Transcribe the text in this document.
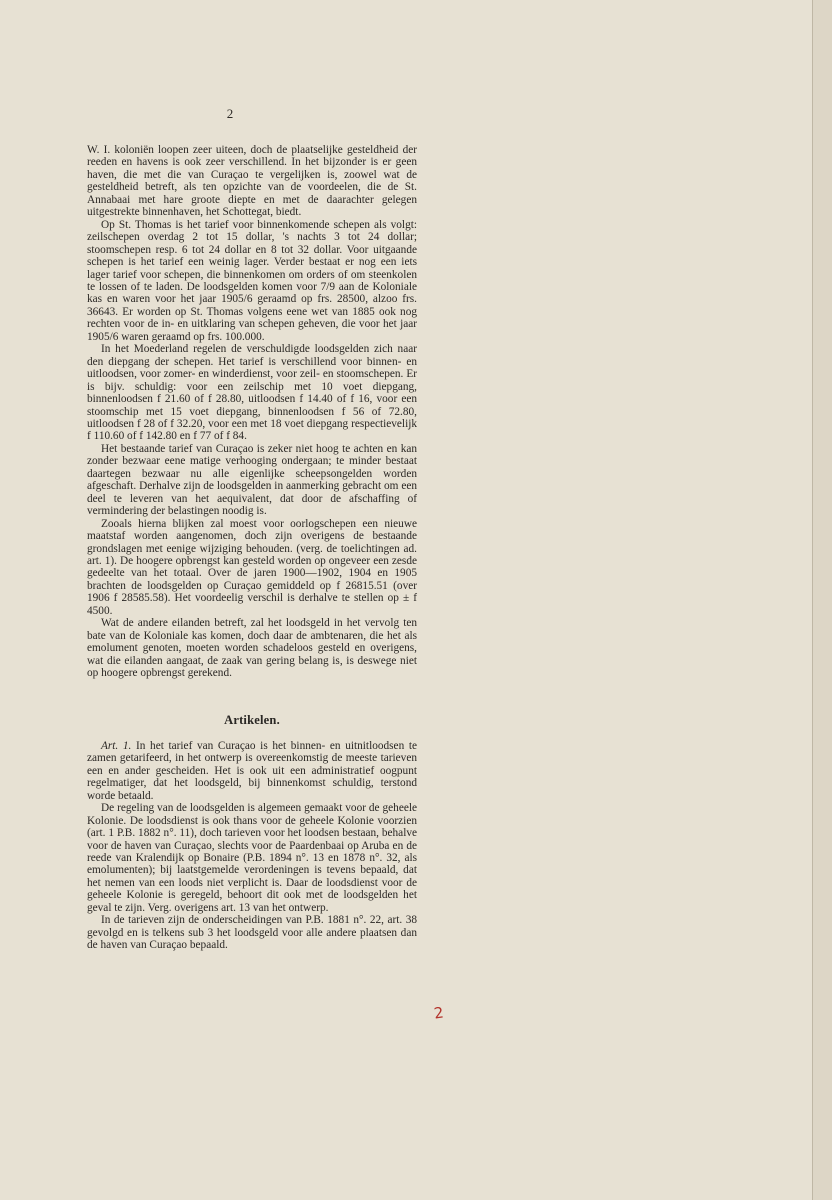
2

W. I. koloniën loopen zeer uiteen, doch de plaatselijke gesteldheid der reeden en havens is ook zeer verschillend. In het bijzonder is er geen haven, die met die van Curaçao te vergelijken is, zoowel wat de gesteldheid betreft, als ten opzichte van de voordeelen, die de St. Annabaai met hare groote diepte en met de daarachter gelegen uitgestrekte binnenhaven, het Schottegat, biedt.

Op St. Thomas is het tarief voor binnenkomende schepen als volgt: zeilschepen overdag 2 tot 15 dollar, 's nachts 3 tot 24 dollar; stoomschepen resp. 6 tot 24 dollar en 8 tot 32 dollar. Voor uitgaande schepen is het tarief een weinig lager. Verder bestaat er nog een iets lager tarief voor schepen, die binnenkomen om orders of om steenkolen te lossen of te laden. De loodsgelden komen voor 7/9 aan de Koloniale kas en waren voor het jaar 1905/6 geraamd op frs. 28500, alzoo frs. 36643. Er worden op St. Thomas volgens eene wet van 1885 ook nog rechten voor de in- en uitklaring van schepen geheven, die voor het jaar 1905/6 waren geraamd op frs. 100.000.

In het Moederland regelen de verschuldigde loodsgelden zich naar den diepgang der schepen. Het tarief is verschillend voor binnen- en uitloodsen, voor zomer- en winderdienst, voor zeil- en stoomschepen. Er is bijv. schuldig: voor een zeilschip met 10 voet diepgang, binnenloodsen f 21.60 of f 28.80, uitloodsen f 14.40 of f 16, voor een stoomschip met 15 voet diepgang, binnenloodsen f 56 of 72.80, uitloodsen f 28 of f 32.20, voor een met 18 voet diepgang respectievelijk f 110.60 of f 142.80 en f 77 of f 84.

Het bestaande tarief van Curaçao is zeker niet hoog te achten en kan zonder bezwaar eene matige verhooging ondergaan; te minder bestaat daartegen bezwaar nu alle eigenlijke scheepsongelden worden afgeschaft. Derhalve zijn de loodsgelden in aanmerking gebracht om een deel te leveren van het aequivalent, dat door de afschaffing of vermindering der belastingen noodig is.

Zooals hierna blijken zal moest voor oorlogschepen een nieuwe maatstaf worden aangenomen, doch zijn overigens de bestaande grondslagen met eenige wijziging behouden. (verg. de toelichtingen ad. art. 1). De hoogere opbrengst kan gesteld worden op ongeveer een zesde gedeelte van het totaal. Over de jaren 1900—1902, 1904 en 1905 brachten de loodsgelden op Curaçao gemiddeld op f 26815.51 (over 1906 f 28585.58). Het voordeelig verschil is derhalve te stellen op ± f 4500.

Wat de andere eilanden betreft, zal het loodsgeld in het vervolg ten bate van de Koloniale kas komen, doch daar de ambtenaren, die het als emolument genoten, moeten worden schadeloos gesteld en overigens, wat die eilanden aangaat, de zaak van gering belang is, is deswege niet op hoogere opbrengst gerekend.

Artikelen.

Art. 1. In het tarief van Curaçao is het binnen- en uitnitloodsen te zamen getarifeerd, in het ontwerp is overeenkomstig de meeste tarieven een en ander gescheiden. Het is ook uit een administratief oogpunt regelmatiger, dat het loodsgeld, bij binnenkomst schuldig, terstond worde betaald.

De regeling van de loodsgelden is algemeen gemaakt voor de geheele Kolonie. De loodsdienst is ook thans voor de geheele Kolonie voorzien (art. 1 P.B. 1882 n°. 11), doch tarieven voor het loodsen bestaan, behalve voor de haven van Curaçao, slechts voor de Paardenbaai op Aruba en de reede van Kralendijk op Bonaire (P.B. 1894 n°. 13 en 1878 n°. 32, als emolumenten); bij laatstgemelde verordeningen is tevens bepaald, dat het nemen van een loods niet verplicht is. Daar de loodsdienst voor de geheele Kolonie is geregeld, behoort dit ook met de loodsgelden het geval te zijn. Verg. overigens art. 13 van het ontwerp.

In de tarieven zijn de onderscheidingen van P.B. 1881 n°. 22, art. 38 gevolgd en is telkens sub 3 het loodsgeld voor alle andere plaatsen dan de haven van Curaçao bepaald.

2
